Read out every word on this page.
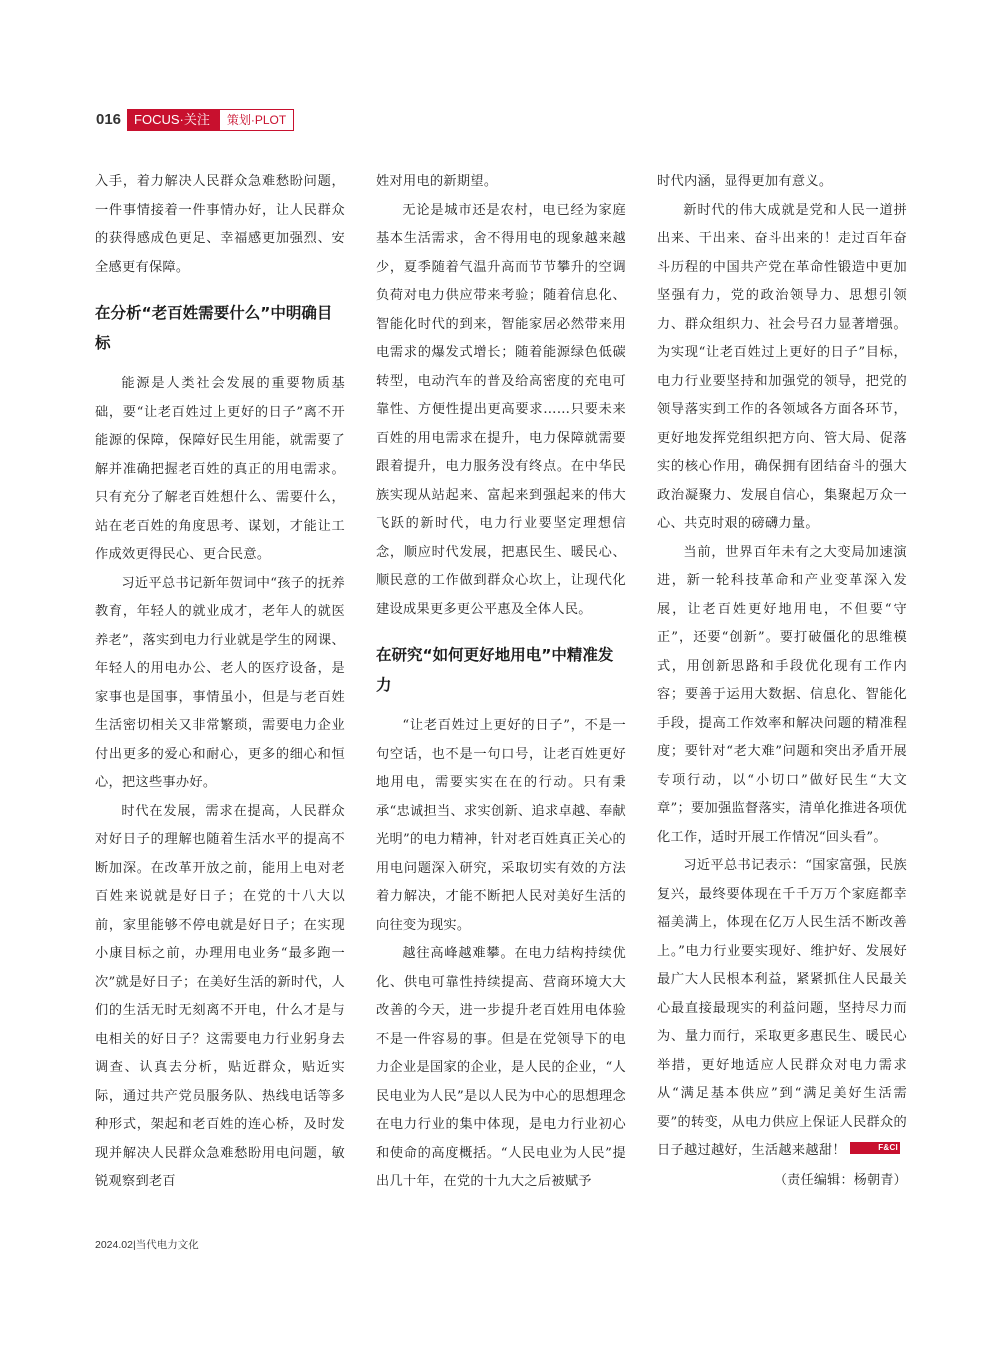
016	FOCUS·关注	策划·PLOT

入手，着力解决人民群众急难愁盼问题，一件事情接着一件事情办好，让人民群众的获得感成色更足、幸福感更加强烈、安全感更有保障。

在分析“老百姓需要什么”中明确目标

能源是人类社会发展的重要物质基础，要“让老百姓过上更好的日子”离不开能源的保障，保障好民生用能，就需要了解并准确把握老百姓的真正的用电需求。只有充分了解老百姓想什么、需要什么，站在老百姓的角度思考、谋划，才能让工作成效更得民心、更合民意。

习近平总书记新年贺词中“孩子的抚养教育，年轻人的就业成才，老年人的就医养老”，落实到电力行业就是学生的网课、年轻人的用电办公、老人的医疗设备，是家事也是国事，事情虽小，但是与老百姓生活密切相关又非常繁琐，需要电力企业付出更多的爱心和耐心，更多的细心和恒心，把这些事办好。

时代在发展，需求在提高，人民群众对好日子的理解也随着生活水平的提高不断加深。在改革开放之前，能用上电对老百姓来说就是好日子；在党的十八大以前，家里能够不停电就是好日子；在实现小康目标之前，办理用电业务“最多跑一次”就是好日子；在美好生活的新时代，人们的生活无时无刻离不开电，什么才是与电相关的好日子？这需要电力行业躬身去调查、认真去分析，贴近群众，贴近实际，通过共产党员服务队、热线电话等多种形式，架起和老百姓的连心桥，及时发现并解决人民群众急难愁盼用电问题，敏锐观察到老百

姓对用电的新期望。

无论是城市还是农村，电已经为家庭基本生活需求，舍不得用电的现象越来越少，夏季随着气温升高而节节攀升的空调负荷对电力供应带来考验；随着信息化、智能化时代的到来，智能家居必然带来用电需求的爆发式增长；随着能源绿色低碳转型，电动汽车的普及给高密度的充电可靠性、方便性提出更高要求……只要未来百姓的用电需求在提升，电力保障就需要跟着提升，电力服务没有终点。在中华民族实现从站起来、富起来到强起来的伟大飞跃的新时代，电力行业要坚定理想信念，顺应时代发展，把惠民生、暖民心、顺民意的工作做到群众心坎上，让现代化建设成果更多更公平惠及全体人民。

在研究“如何更好地用电”中精准发力

“让老百姓过上更好的日子”，不是一句空话，也不是一句口号，让老百姓更好地用电，需要实实在在的行动。只有秉承“忠诚担当、求实创新、追求卓越、奉献光明”的电力精神，针对老百姓真正关心的用电问题深入研究，采取切实有效的方法着力解决，才能不断把人民对美好生活的向往变为现实。

越往高峰越难攀。在电力结构持续优化、供电可靠性持续提高、营商环境大大改善的今天，进一步提升老百姓用电体验不是一件容易的事。但是在党领导下的电力企业是国家的企业，是人民的企业，“人民电业为人民”是以人民为中心的思想理念在电力行业的集中体现，是电力行业初心和使命的高度概括。“人民电业为人民”提出几十年，在党的十九大之后被赋予

时代内涵，显得更加有意义。

新时代的伟大成就是党和人民一道拼出来、干出来、奋斗出来的！走过百年奋斗历程的中国共产党在革命性锻造中更加坚强有力，党的政治领导力、思想引领力、群众组织力、社会号召力显著增强。为实现“让老百姓过上更好的日子”目标，电力行业要坚持和加强党的领导，把党的领导落实到工作的各领域各方面各环节，更好地发挥党组织把方向、管大局、促落实的核心作用，确保拥有团结奋斗的强大政治凝聚力、发展自信心，集聚起万众一心、共克时艰的磅礴力量。

当前，世界百年未有之大变局加速演进，新一轮科技革命和产业变革深入发展，让老百姓更好地用电，不但要“守正”，还要“创新”。要打破僵化的思维模式，用创新思路和手段优化现有工作内容；要善于运用大数据、信息化、智能化手段，提高工作效率和解决问题的精准程度；要针对“老大难”问题和突出矛盾开展专项行动，以“小切口”做好民生“大文章”；要加强监督落实，清单化推进各项优化工作，适时开展工作情况“回头看”。

习近平总书记表示：“国家富强，民族复兴，最终要体现在千千万万个家庭都幸福美满上，体现在亿万人民生活不断改善上。”电力行业要实现好、维护好、发展好最广大人民根本利益，紧紧抓住人民最关心最直接最现实的利益问题，坚持尽力而为、量力而行，采取更多惠民生、暖民心举措，更好地适应人民群众对电力需求从“满足基本供应”到“满足美好生活需要”的转变，从电力供应上保证人民群众的日子越过越好，生活越来越甜！	F&CI

（责任编辑：杨朝青）

2024.02|当代电力文化
